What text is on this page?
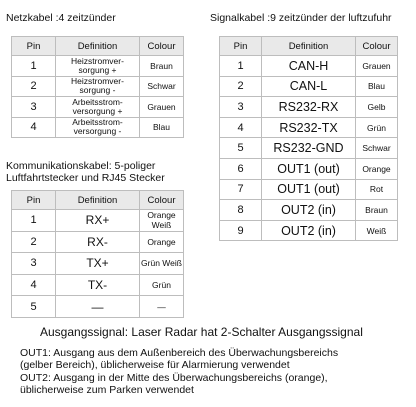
Netzkabel :4 zeitzünder	Signalkabel :9 zeitzünder der luftzufuhr
Pin	Definition	Colour
1	Heizstromver- sorgung +	Braun
2	Heizstromver- sorgung -	Schwar
3	Arbeitsstrom- versorgung +	Grauen
4	Arbeitsstrom- versorgung -	Blau
Pin	Definition	Colour
1	CAN-H	Grauen
2	CAN-L	Blau
3	RS232-RX	Gelb
4	RS232-TX	Grün
5	RS232-GND	Schwar
6	OUT1 (out)	Orange
7	OUT1 (out)	Rot
8	OUT2 (in)	Braun
9	OUT2 (in)	Weiß
Kommunikationskabel: 5-poliger
Luftfahrtstecker und RJ45 Stecker
Pin	Definition	Colour
1	RX+	Orange Weiß
2	RX-	Orange
3	TX+	Grün Weiß
4	TX-	Grün
5	—	—
Ausgangssignal: Laser Radar hat 2-Schalter Ausgangssignal
OUT1: Ausgang aus dem Außenbereich des Überwachungsbereichs
(gelber Bereich), üblicherweise für Alarmierung verwendet
OUT2: Ausgang in der Mitte des Überwachungsbereichs (orange),
üblicherweise zum Parken verwendet
